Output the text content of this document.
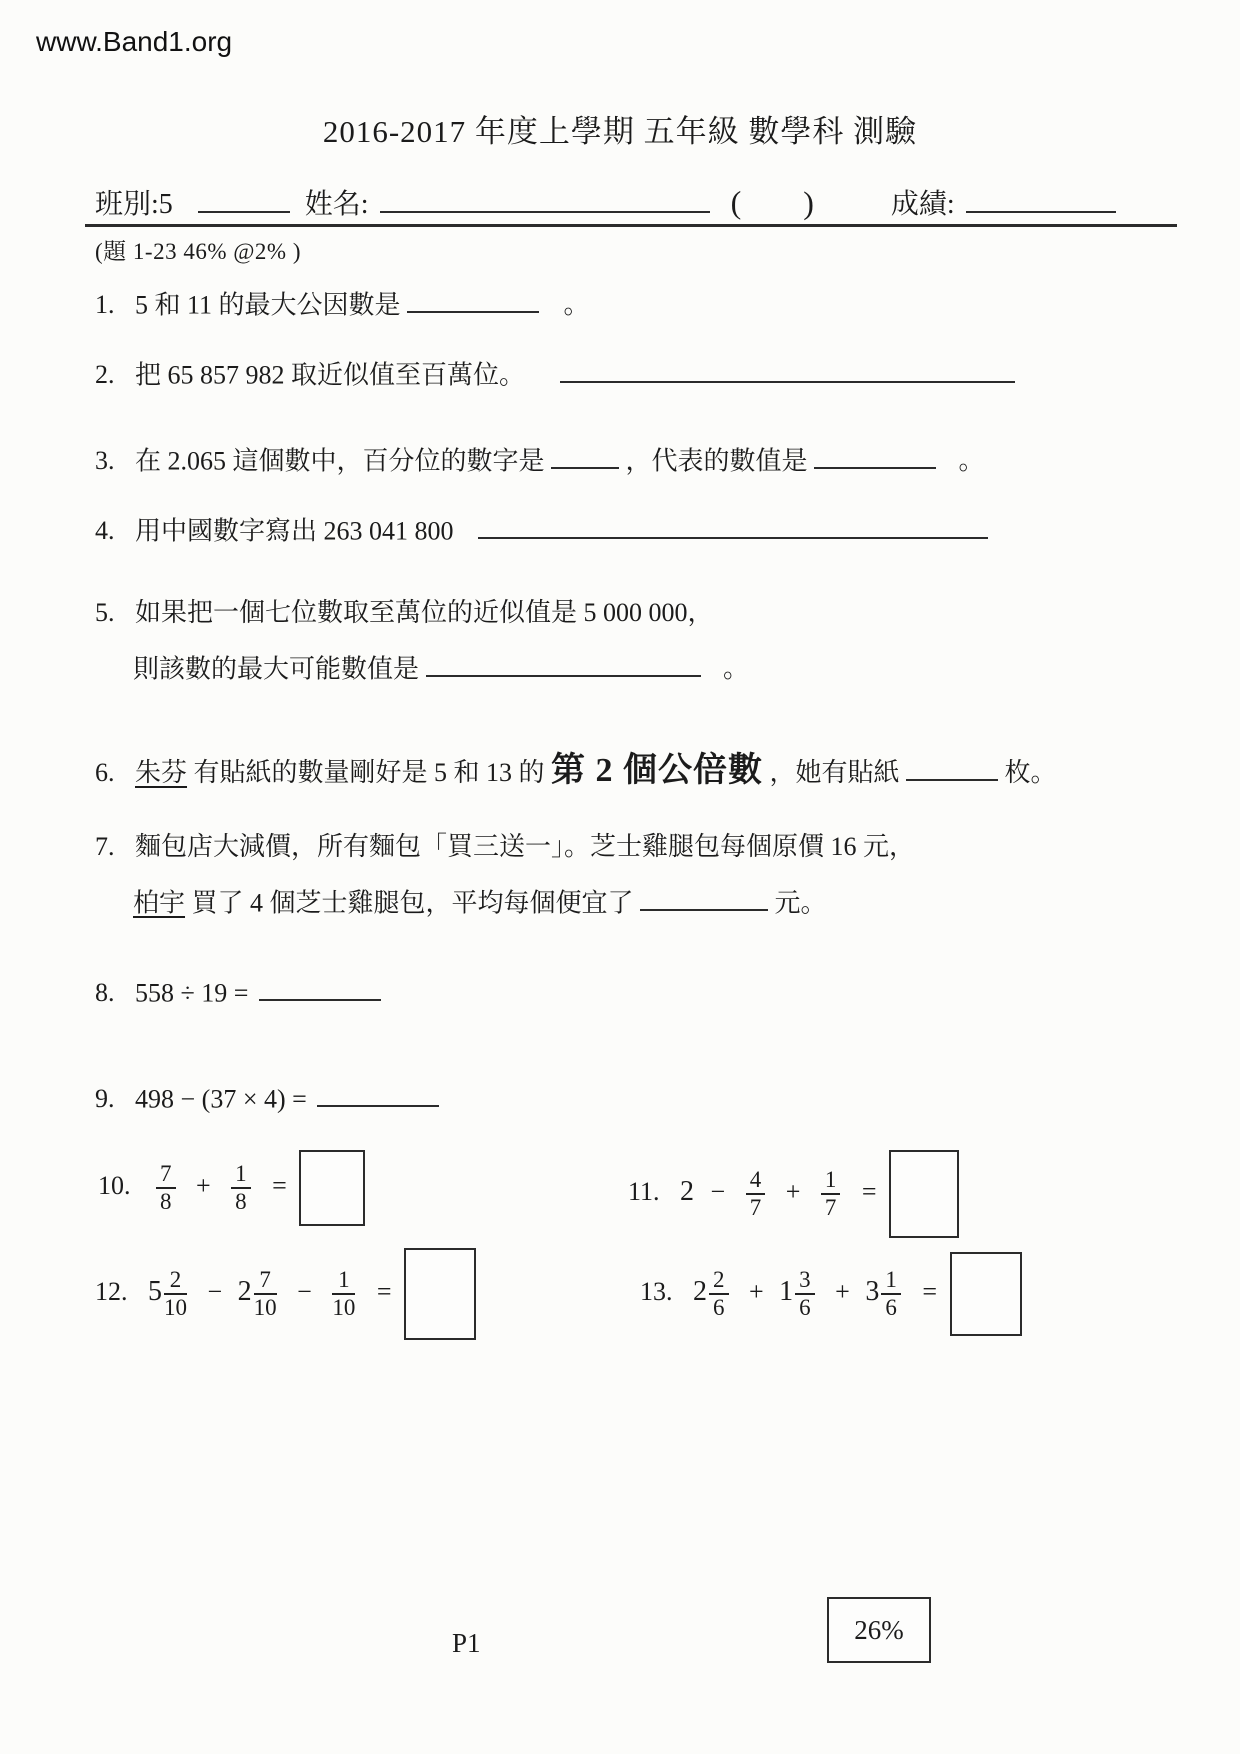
www.Band1.org
2016-2017 年度上學期 五年級 數學科 測驗
班別:5	姓名:	( )	成績:
(題 1-23 46% @2% )
1. 5 和 11 的最大公因數是	。
2. 把 65 857 982 取近似值至百萬位。
3. 在 2.065 這個數中，百分位的數字是	，代表的數值是	。
4. 用中國數字寫出 263 041 800
5. 如果把一個七位數取至萬位的近似值是 5 000 000，
則該數的最大可能數值是	。
6. 朱芬 有貼紙的數量剛好是 5 和 13 的 第 2 個公倍數 ，她有貼紙	枚。
7. 麵包店大減價，所有麵包「買三送一」。芝士雞腿包每個原價 16 元，
柏宇 買了 4 個芝士雞腿包，平均每個便宜了	元。
8. 558 ÷ 19 =
9. 498 − (37 × 4) =
10. $\frac{7}{8} + \frac{1}{8}$ =	11. $2 - \frac{4}{7} + \frac{1}{7}$ =
12. $5 \frac{2}{10} - 2 \frac{7}{10} - \frac{1}{10}$ =	13. $2 \frac{2}{6} + 1 \frac{3}{6} + 3 \frac{1}{6}$ =
P1	26%
